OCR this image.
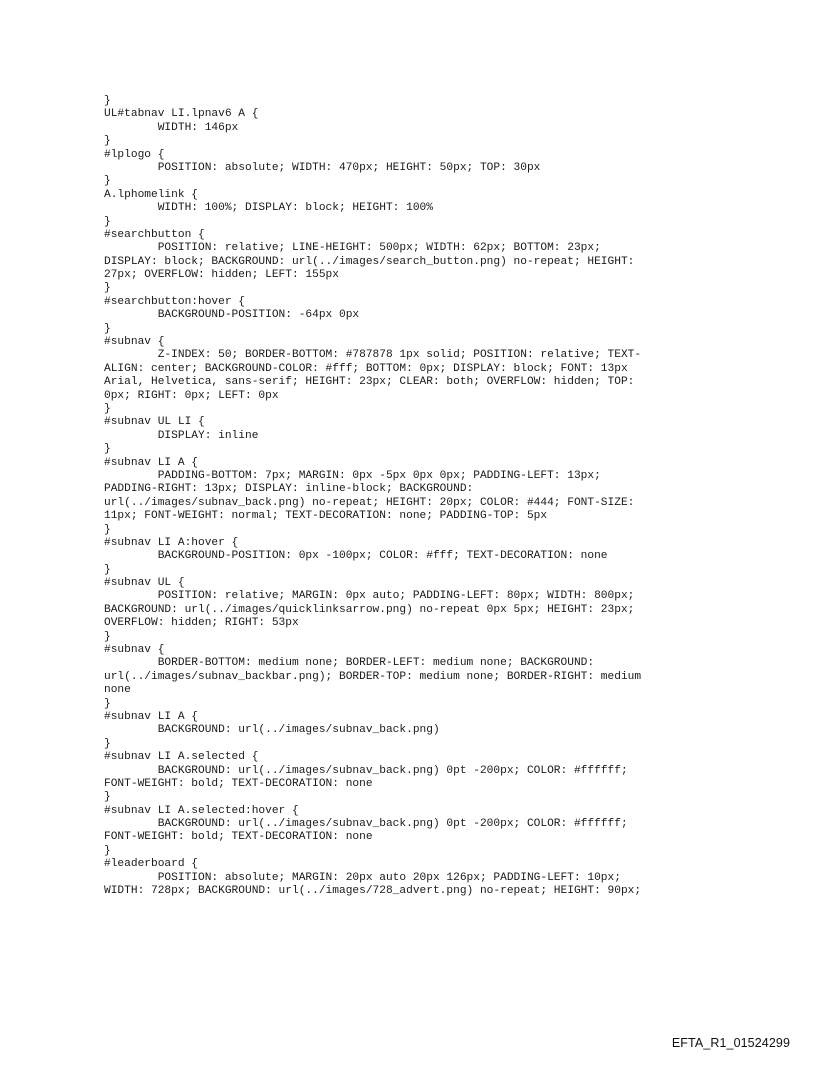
}
UL#tabnav LI.lpnav6 A {
WIDTH: 146px
}
#lplogo {
POSITION: absolute; WIDTH: 470px; HEIGHT: 50px; TOP: 30px
}
A.lphomelink {
WIDTH: 100%; DISPLAY: block; HEIGHT: 100%
}
#searchbutton {
POSITION: relative; LINE-HEIGHT: 500px; WIDTH: 62px; BOTTOM: 23px;
DISPLAY: block; BACKGROUND: url(../images/search_button.png) no-repeat; HEIGHT:
27px; OVERFLOW: hidden; LEFT: 155px
}
#searchbutton:hover {
BACKGROUND-POSITION: -64px 0px
}
#subnav {
Z-INDEX: 50; BORDER-BOTTOM: #787878 1px solid; POSITION: relative; TEXT-
ALIGN: center; BACKGROUND-COLOR: #fff; BOTTOM: 0px; DISPLAY: block; FONT: 13px
Arial, Helvetica, sans-serif; HEIGHT: 23px; CLEAR: both; OVERFLOW: hidden; TOP:
0px; RIGHT: 0px; LEFT: 0px
}
#subnav UL LI {
DISPLAY: inline
}
#subnav LI A {
PADDING-BOTTOM: 7px; MARGIN: 0px -5px 0px 0px; PADDING-LEFT: 13px;
PADDING-RIGHT: 13px; DISPLAY: inline-block; BACKGROUND:
url(../images/subnav_back.png) no-repeat; HEIGHT: 20px; COLOR: #444; FONT-SIZE:
11px; FONT-WEIGHT: normal; TEXT-DECORATION: none; PADDING-TOP: 5px
}
#subnav LI A:hover {
BACKGROUND-POSITION: 0px -100px; COLOR: #fff; TEXT-DECORATION: none
}
#subnav UL {
POSITION: relative; MARGIN: 0px auto; PADDING-LEFT: 80px; WIDTH: 800px;
BACKGROUND: url(../images/quicklinksarrow.png) no-repeat 0px 5px; HEIGHT: 23px;
OVERFLOW: hidden; RIGHT: 53px
}
#subnav {
BORDER-BOTTOM: medium none; BORDER-LEFT: medium none; BACKGROUND:
url(../images/subnav_backbar.png); BORDER-TOP: medium none; BORDER-RIGHT: medium
none
}
#subnav LI A {
BACKGROUND: url(../images/subnav_back.png)
}
#subnav LI A.selected {
BACKGROUND: url(../images/subnav_back.png) 0pt -200px; COLOR: #ffffff;
FONT-WEIGHT: bold; TEXT-DECORATION: none
}
#subnav LI A.selected:hover {
BACKGROUND: url(../images/subnav_back.png) 0pt -200px; COLOR: #ffffff;
FONT-WEIGHT: bold; TEXT-DECORATION: none
}
#leaderboard {
POSITION: absolute; MARGIN: 20px auto 20px 126px; PADDING-LEFT: 10px;
WIDTH: 728px; BACKGROUND: url(../images/728_advert.png) no-repeat; HEIGHT: 90px;
EFTA_R1_01524299
